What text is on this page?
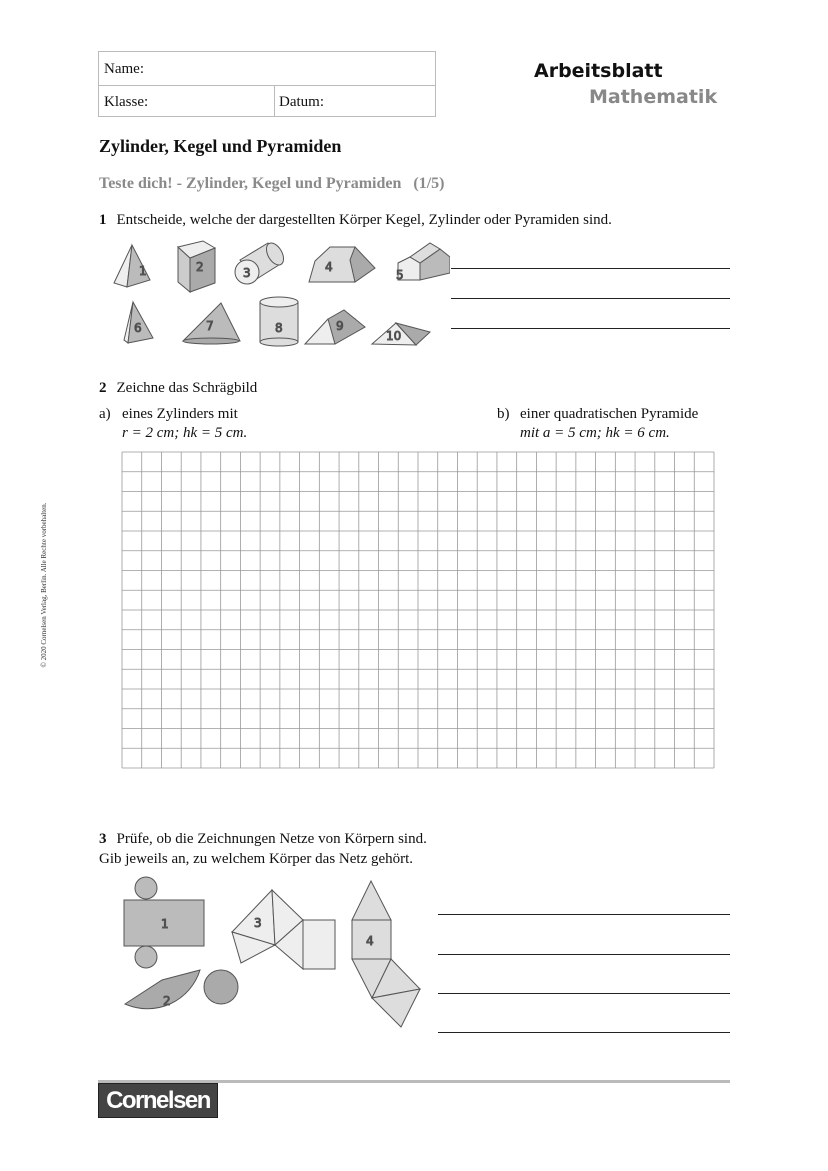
Name:
Klasse:	Datum:
Arbeitsblatt
Mathematik
Zylinder, Kegel und Pyramiden
Teste dich! - Zylinder, Kegel und Pyramiden   (1/5)
© 2020 Cornelsen Verlag, Berlin. Alle Rechte vorbehalten.
1 Entscheide, welche der dargestellten Körper Kegel, Zylinder oder Pyramiden sind.
1	2	3	4
5
6	7	8	9
10
2 Zeichne das Schrägbild
a) eines Zylinders mit
r = 2 cm; hk = 5 cm.
b) einer quadratischen Pyramide
mit a = 5 cm; hk = 6 cm.
3 Prüfe, ob die Zeichnungen Netze von Körpern sind.
Gib jeweils an, zu welchem Körper das Netz gehört.
1
2
3
4
Cornelsen
